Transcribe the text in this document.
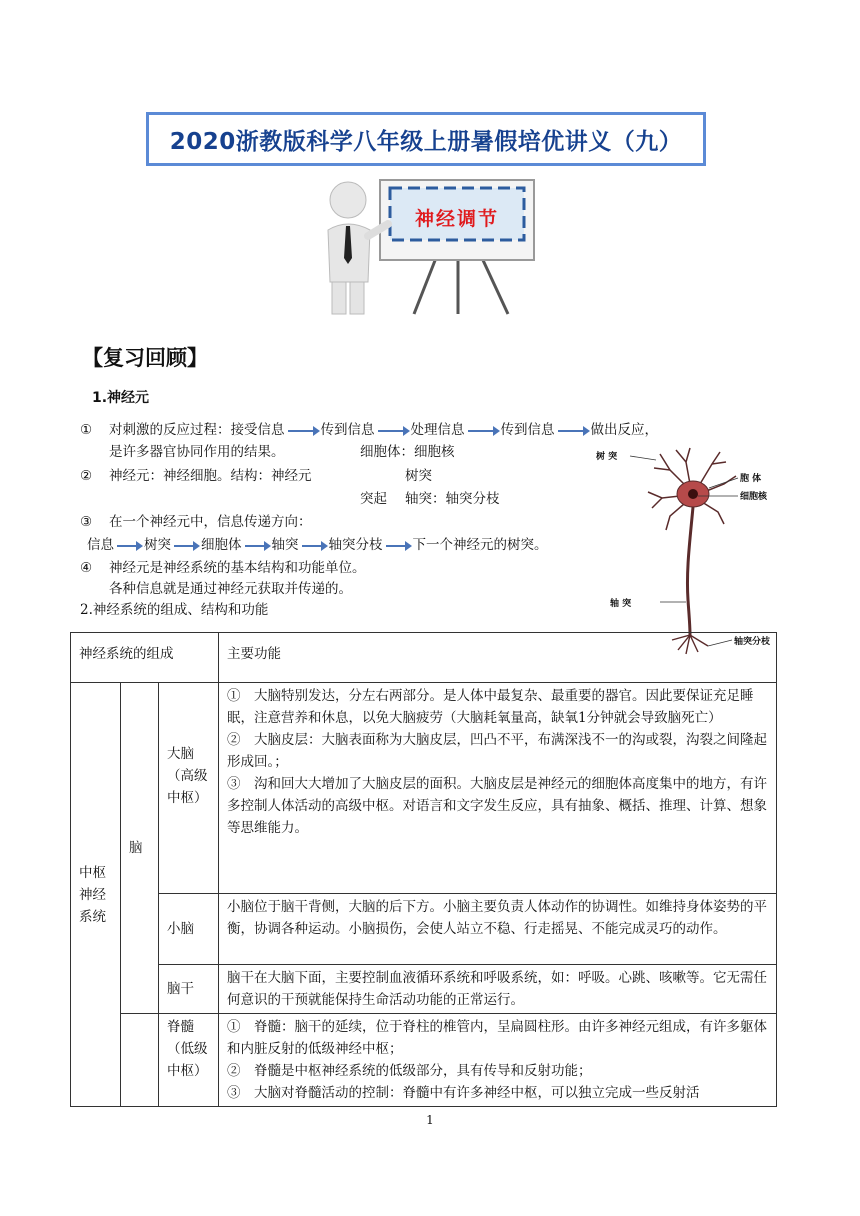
2020浙教版科学八年级上册暑假培优讲义（九）
神经调节
【复习回顾】
1.神经元
① 对刺激的反应过程：接受信息	传到信息	处理信息	传到信息	做出反应，
是许多器官协同作用的结果。	细胞体：细胞核
② 神经元：神经细胞。结构：神经元	树突
突起 轴突：轴突分枝
③ 在一个神经元中，信息传递方向：
信息 树突 细胞体 轴突 轴突分枝 下一个神经元的树突。
④ 神经元是神经系统的基本结构和功能单位。
各种信息就是通过神经元获取并传递的。
2.神经系统的组成、结构和功能
树 突
胞 体
细胞核
轴 突
轴突分枝
神经系统的组成			主要功能
中枢神经系统	脑	大脑（高级中枢）	①　大脑特别发达，分左右两部分。是人体中最复杂、最重要的器官。因此要保证充足睡眠，注意营养和休息，以免大脑疲劳（大脑耗氧量高，缺氧1分钟就会导致脑死亡）
②　大脑皮层：大脑表面称为大脑皮层，凹凸不平，布满深浅不一的沟或裂，沟裂之间隆起形成回。；
③　沟和回大大增加了大脑皮层的面积。大脑皮层是神经元的细胞体高度集中的地方，有许多控制人体活动的高级中枢。对语言和文字发生反应，具有抽象、概括、推理、计算、想象等思维能力。

		小脑	小脑位于脑干背侧，大脑的后下方。小脑主要负责人体动作的协调性。如维持身体姿势的平衡，协调各种运动。小脑损伤，会使人站立不稳、行走摇晃、不能完成灵巧的动作。
		脑干	脑干在大脑下面，主要控制血液循环系统和呼吸系统，如：呼吸。心跳、咳嗽等。它无需任何意识的干预就能保持生命活动功能的正常运行。
		脊髓（低级中枢）	①　脊髓：脑干的延续，位于脊柱的椎管内，呈扁圆柱形。由许多神经元组成，有许多躯体和内脏反射的低级神经中枢；
②　脊髓是中枢神经系统的低级部分，具有传导和反射功能；
③　大脑对脊髓活动的控制：脊髓中有许多神经中枢，可以独立完成一些反射活
1
